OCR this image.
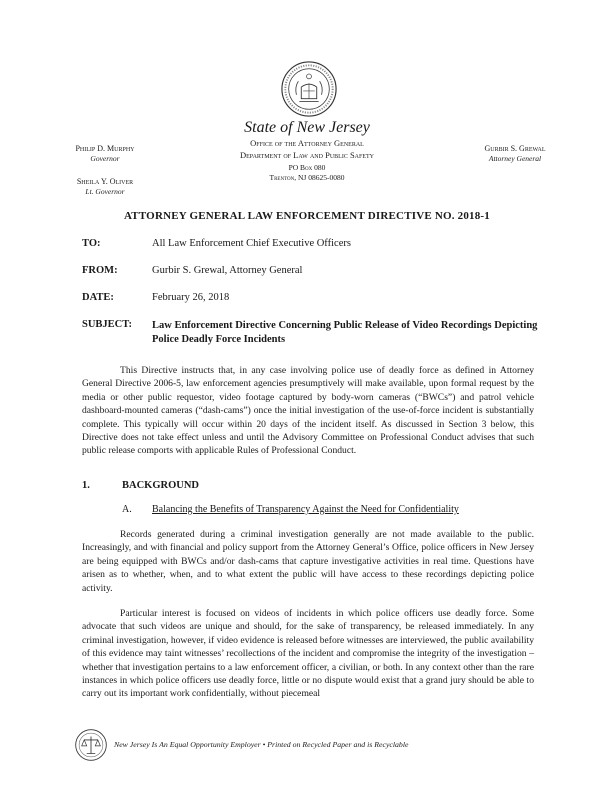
State of New Jersey
Office of the Attorney General
Department of Law and Public Safety
PO Box 080
Trenton, NJ 08625-0080
Philip D. Murphy
Governor
Sheila Y. Oliver
Lt. Governor
Gurbir S. Grewal
Attorney General
ATTORNEY GENERAL LAW ENFORCEMENT DIRECTIVE NO. 2018-1
TO:	All Law Enforcement Chief Executive Officers
FROM:	Gurbir S. Grewal, Attorney General
DATE:	February 26, 2018
SUBJECT: Law Enforcement Directive Concerning Public Release of Video Recordings Depicting Police Deadly Force Incidents
This Directive instructs that, in any case involving police use of deadly force as defined in Attorney General Directive 2006-5, law enforcement agencies presumptively will make available, upon formal request by the media or other public requestor, video footage captured by body-worn cameras (“BWCs”) and patrol vehicle dashboard-mounted cameras (“dash-cams”) once the initial investigation of the use-of-force incident is substantially complete. This typically will occur within 20 days of the incident itself. As discussed in Section 3 below, this Directive does not take effect unless and until the Advisory Committee on Professional Conduct advises that such public release comports with applicable Rules of Professional Conduct.
1.	BACKGROUND
A. Balancing the Benefits of Transparency Against the Need for Confidentiality
Records generated during a criminal investigation generally are not made available to the public. Increasingly, and with financial and policy support from the Attorney General’s Office, police officers in New Jersey are being equipped with BWCs and/or dash-cams that capture investigative activities in real time. Questions have arisen as to whether, when, and to what extent the public will have access to these recordings depicting police activity.
Particular interest is focused on videos of incidents in which police officers use deadly force. Some advocate that such videos are unique and should, for the sake of transparency, be released immediately. In any criminal investigation, however, if video evidence is released before witnesses are interviewed, the public availability of this evidence may taint witnesses’ recollections of the incident and compromise the integrity of the investigation – whether that investigation pertains to a law enforcement officer, a civilian, or both. In any context other than the rare instances in which police officers use deadly force, little or no dispute would exist that a grand jury should be able to carry out its important work confidentially, without piecemeal
New Jersey Is An Equal Opportunity Employer • Printed on Recycled Paper and is Recyclable
